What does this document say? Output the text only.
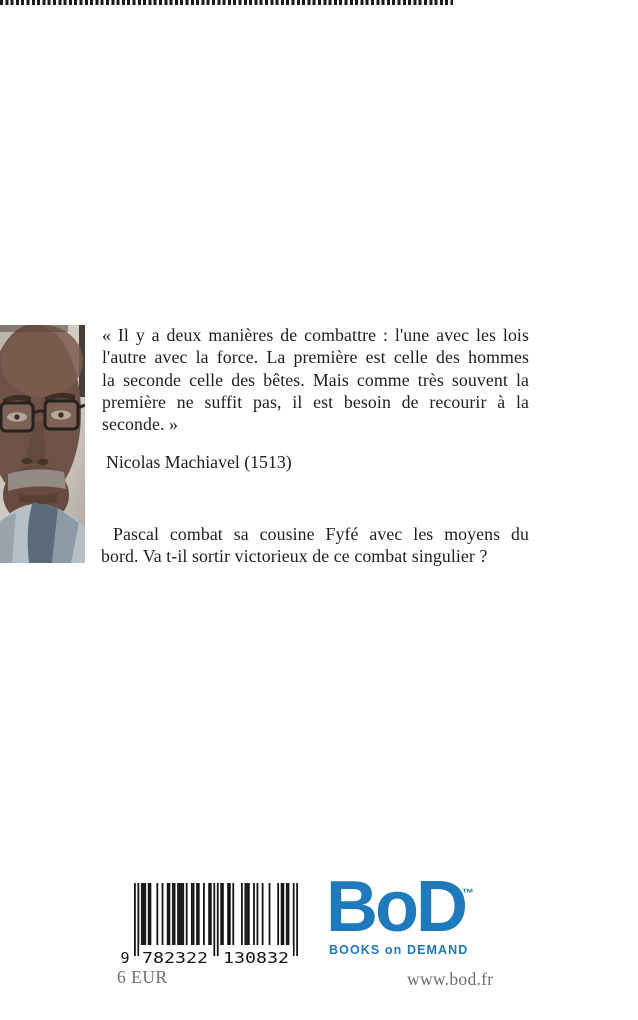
« Il y a deux manières de combattre : l'une avec les lois
l'autre avec la force. La première est celle des hommes
la seconde celle des bêtes. Mais comme très souvent la
première ne suffit pas, il est besoin de recourir à la
seconde. »
Nicolas Machiavel (1513)
Pascal combat sa cousine Fyfé avec les moyens du
bord. Va t-il sortir victorieux de ce combat singulier ?
9 782322 130832
6 EUR
BoD
™
BOOKS on DEMAND
www.bod.fr
